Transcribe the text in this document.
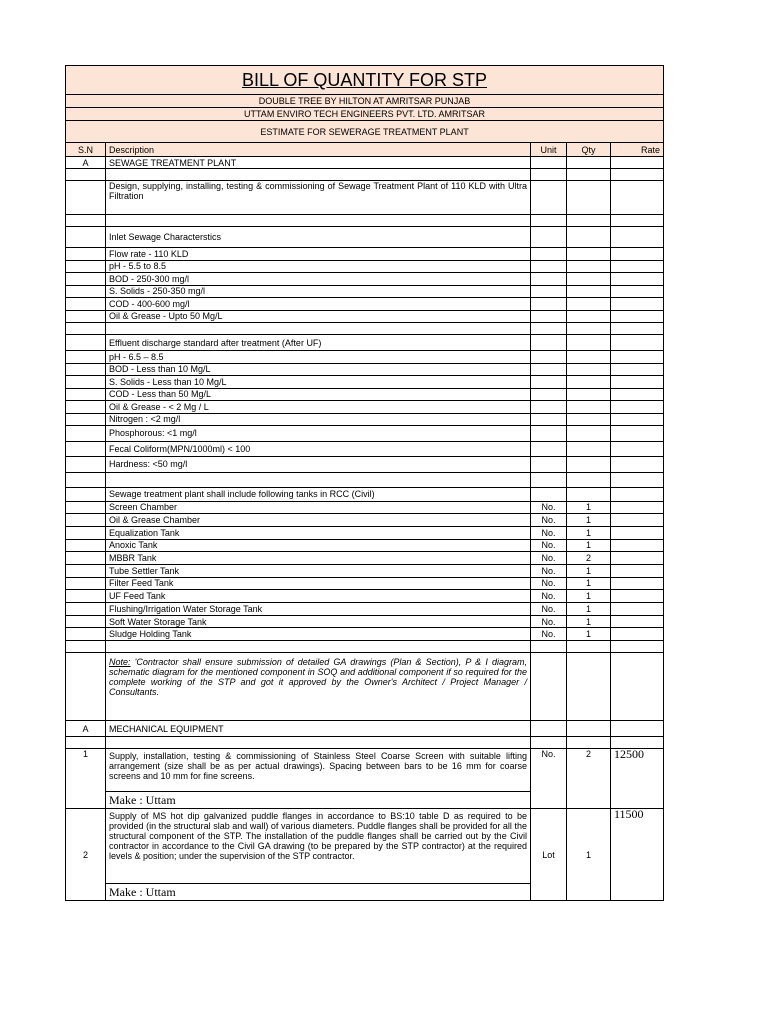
BILL OF QUANTITY FOR STP				
DOUBLE TREE BY HILTON AT AMRITSAR PUNJAB				
UTTAM ENVIRO TECH ENGINEERS PVT. LTD. AMRITSAR				
ESTIMATE FOR SEWERAGE TREATMENT PLANT				
S.N	Description	Unit	Qty	Rate
A	SEWAGE TREATMENT PLANT			

	Design, supplying, installing, testing & commissioning of Sewage Treatment Plant of 110 KLD with Ultra Filtration			

	Inlet Sewage Characterstics			
	Flow rate - 110 KLD			
	pH - 5.5 to 8.5			
	BOD - 250-300 mg/l			
	S. Solids - 250-350 mg/l			
	COD - 400-600 mg/l			
	Oil & Grease - Upto 50 Mg/L			

	Effluent discharge standard after treatment (After UF)			
	pH - 6.5 – 8.5			
	BOD - Less than 10 Mg/L			
	S. Solids - Less than 10 Mg/L			
	COD - Less than 50 Mg/L			
	Oil & Grease - < 2 Mg / L			
	Nitrogen : <2 mg/l			
	Phosphorous: <1 mg/l			
	Fecal Coliform(MPN/1000ml) < 100			
	Hardness: <50 mg/l			

	Sewage treatment plant shall include following tanks in RCC (Civil)			
	Screen Chamber	No.	1	
	Oil & Grease Chamber	No.	1	
	Equalization Tank	No.	1	
	Anoxic Tank	No.	1	
	MBBR Tank	No.	2	
	Tube Settler Tank	No.	1	
	Filter Feed Tank	No.	1	
	UF Feed Tank	No.	1	
	Flushing/Irrigation Water Storage Tank	No.	1	
	Soft Water Storage Tank	No.	1	
	Sludge Holding Tank	No.	1	

	Note: 'Contractor shall ensure submission of detailed GA drawings (Plan & Section), P & I diagram, schematic diagram for the mentioned component in SOQ and additional component if so required for the complete working of the STP and got it approved by the Owner's Architect / Project Manager / Consultants.			
A	MECHANICAL EQUIPMENT			

1	Supply, installation, testing & commissioning of Stainless Steel Coarse Screen with suitable lifting arrangement (size shall be as per actual drawings). Spacing between bars to be 16 mm for coarse screens and 10 mm for fine screens.	No.	2	12500
	Make : Uttam			
2	Supply of MS hot dip galvanized puddle flanges in accordance to BS:10 table D as required to be provided (in the structural slab and wall) of various diameters. Puddle flanges shall be provided for all the structural component of the STP. The installation of the puddle flanges shall be carried out by the Civil contractor in accordance to the Civil GA drawing (to be prepared by the STP contractor) at the required levels & position; under the supervision of the STP contractor.	Lot	1	11500
	Make : Uttam			
